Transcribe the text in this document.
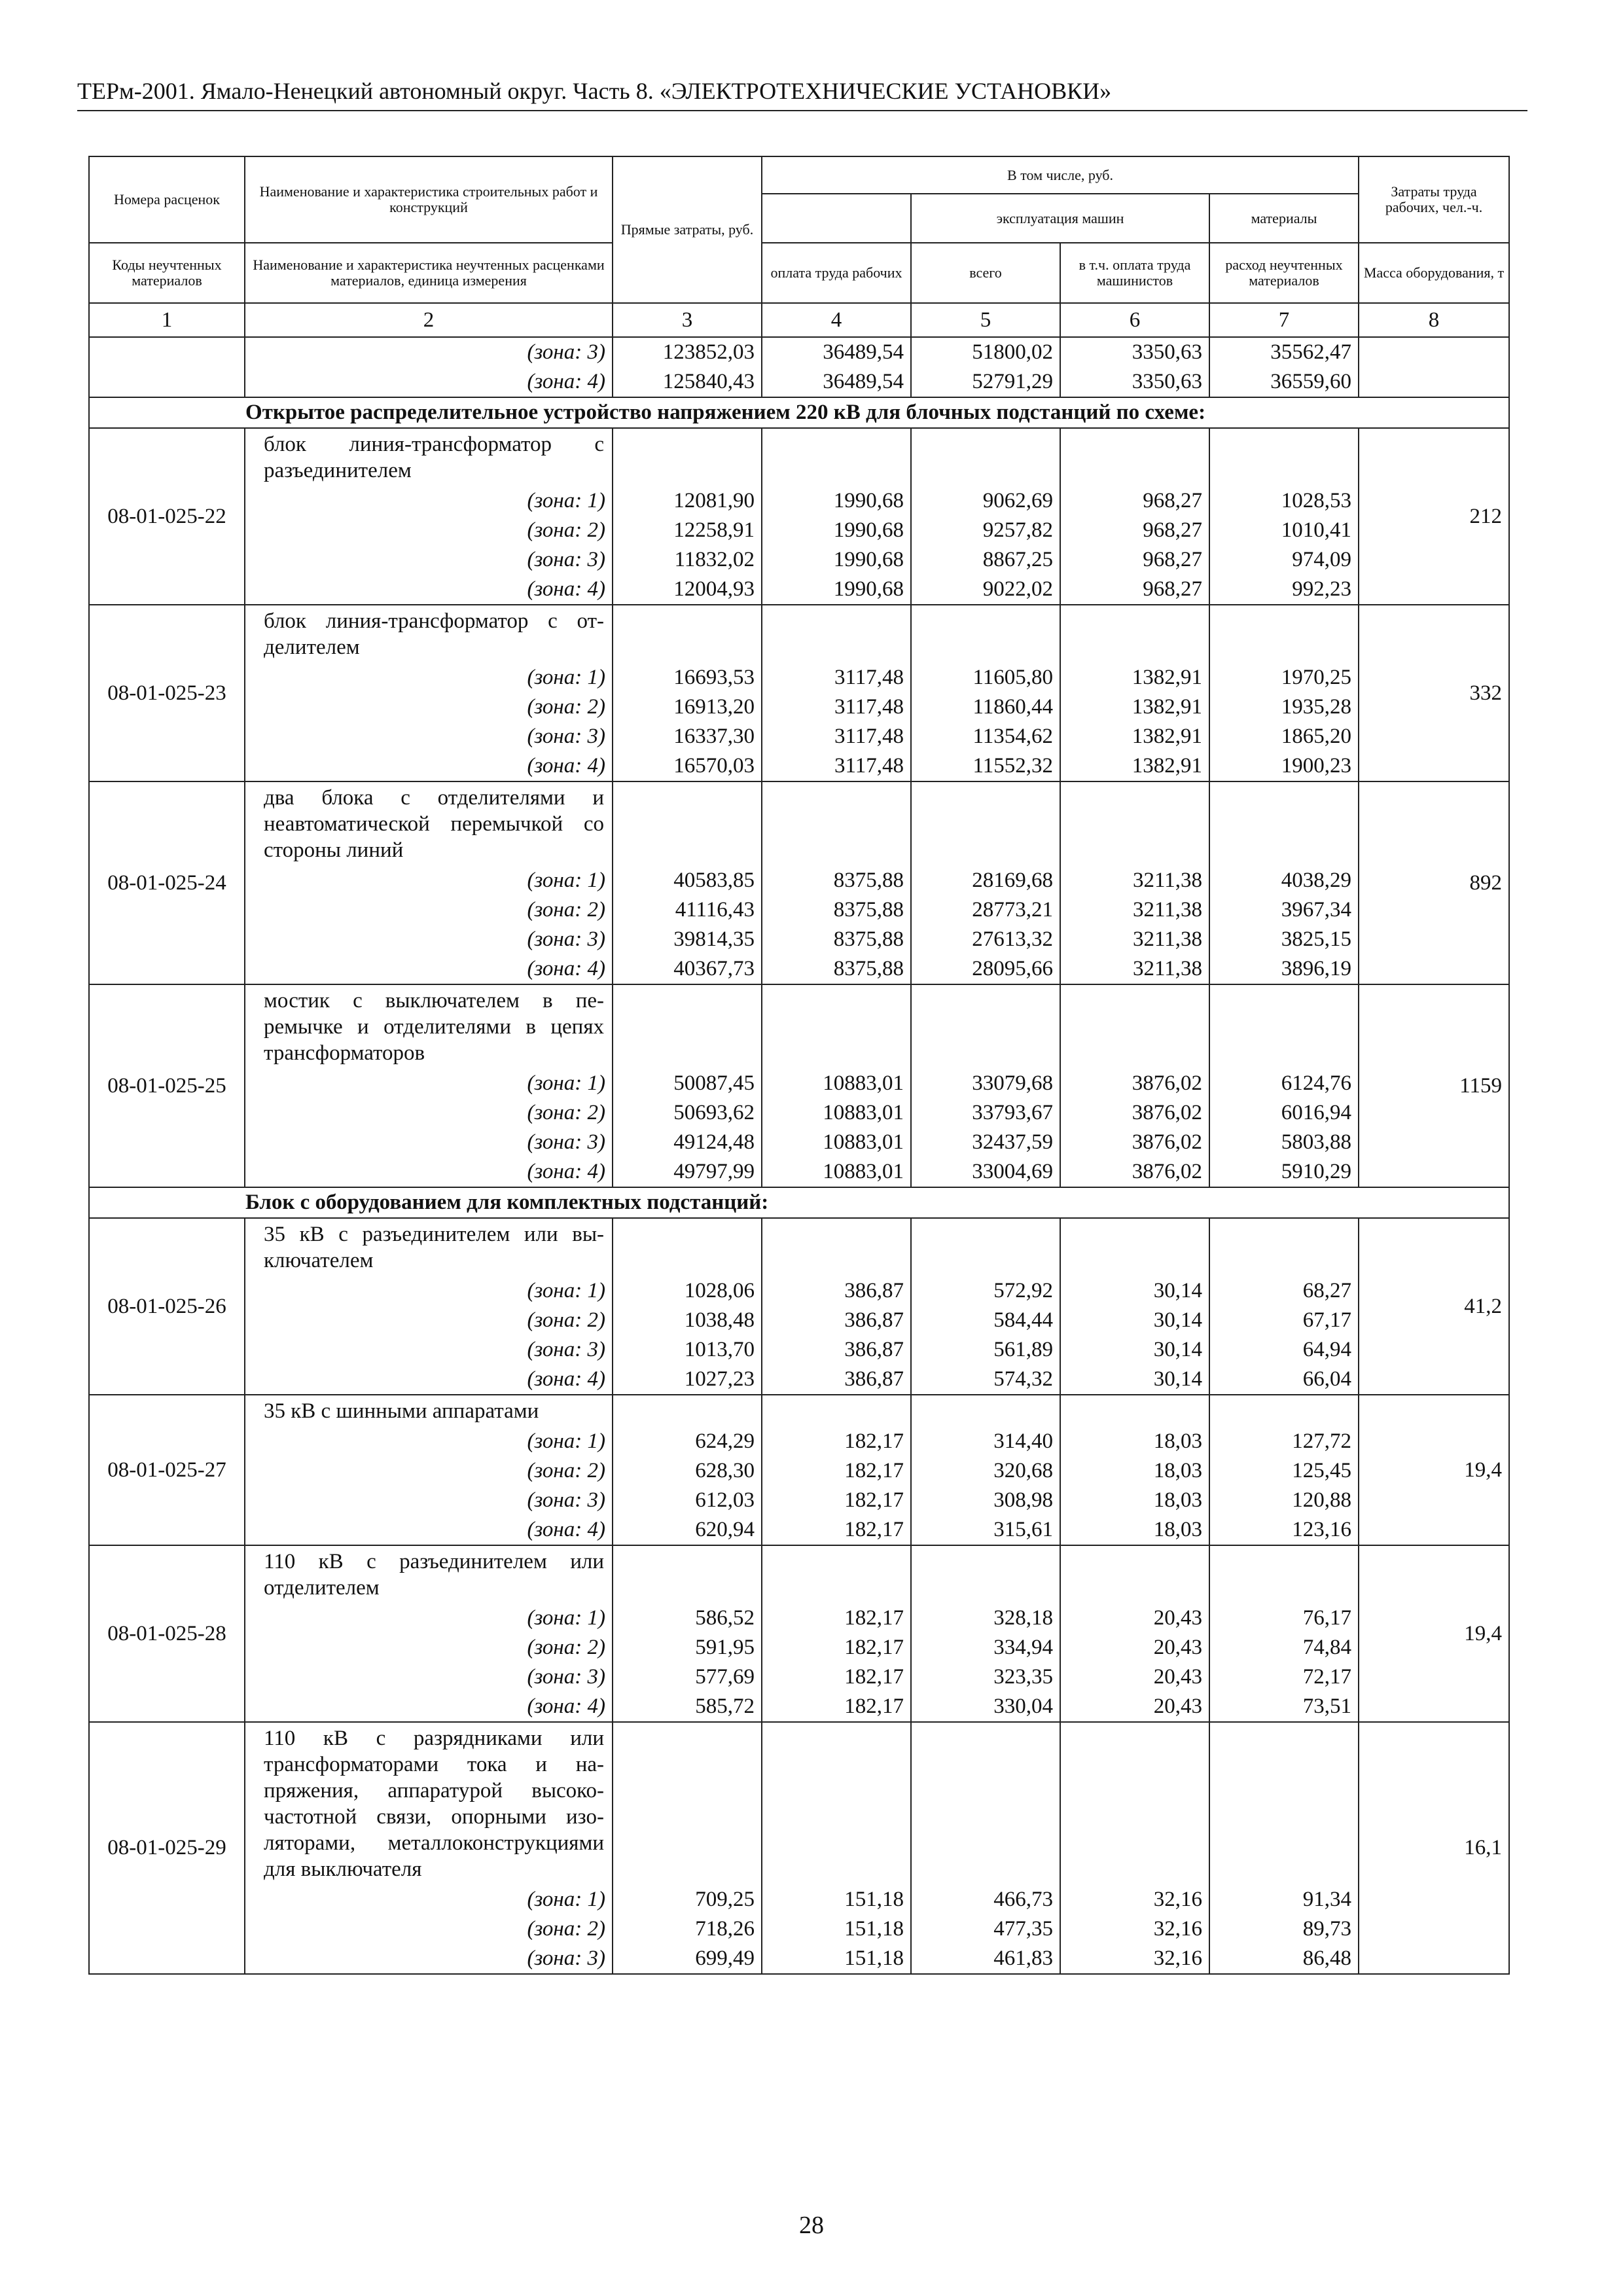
ТЕРм-2001. Ямало-Ненецкий автономный округ. Часть 8. «ЭЛЕКТРОТЕХНИЧЕСКИЕ УСТАНОВКИ»
Номера расценок	Наименование и характеристика строительных работ и конструкций	Прямые затраты, руб.	В том числе, руб.				Затраты труда рабочих, чел.-ч.
				эксплуатация машин		материалы	
Коды неучтенных материалов	Наименование и характеристика неучтенных расценками материалов, единица измерения		оплата труда рабочих	всего	в т.ч. оплата труда машинистов	расход неучтенных материалов	Масса оборудования, т
1	2	3	4	5	6	7	8
	(зона: 3)	123852,03	36489,54	51800,02	3350,63	35562,47	
	(зона: 4)	125840,43	36489,54	52791,29	3350,63	36559,60	
Открытое распределительное устройство напряжением 220 кВ для блочных подстанций по схеме:							
08-01-025-22	блок линия-трансформатор с разъединителем						212
	(зона: 1)	12081,90	1990,68	9062,69	968,27	1028,53	
	(зона: 2)	12258,91	1990,68	9257,82	968,27	1010,41	
	(зона: 3)	11832,02	1990,68	8867,25	968,27	974,09	
	(зона: 4)	12004,93	1990,68	9022,02	968,27	992,23	
08-01-025-23	блок линия-трансформатор с отделителем						332
	(зона: 1)	16693,53	3117,48	11605,80	1382,91	1970,25	
	(зона: 2)	16913,20	3117,48	11860,44	1382,91	1935,28	
	(зона: 3)	16337,30	3117,48	11354,62	1382,91	1865,20	
	(зона: 4)	16570,03	3117,48	11552,32	1382,91	1900,23	
08-01-025-24	два блока с отделителями и неавтоматической перемычкой со стороны линий						892
	(зона: 1)	40583,85	8375,88	28169,68	3211,38	4038,29	
	(зона: 2)	41116,43	8375,88	28773,21	3211,38	3967,34	
	(зона: 3)	39814,35	8375,88	27613,32	3211,38	3825,15	
	(зона: 4)	40367,73	8375,88	28095,66	3211,38	3896,19	
08-01-025-25	мостик с выключателем в перемычке и отделителями в цепях трансформаторов						1159
	(зона: 1)	50087,45	10883,01	33079,68	3876,02	6124,76	
	(зона: 2)	50693,62	10883,01	33793,67	3876,02	6016,94	
	(зона: 3)	49124,48	10883,01	32437,59	3876,02	5803,88	
	(зона: 4)	49797,99	10883,01	33004,69	3876,02	5910,29	
Блок с оборудованием для комплектных подстанций:							
08-01-025-26	35 кВ с разъединителем или выключателем						41,2
	(зона: 1)	1028,06	386,87	572,92	30,14	68,27	
	(зона: 2)	1038,48	386,87	584,44	30,14	67,17	
	(зона: 3)	1013,70	386,87	561,89	30,14	64,94	
	(зона: 4)	1027,23	386,87	574,32	30,14	66,04	
08-01-025-27	35 кВ с шинными аппаратами						19,4
	(зона: 1)	624,29	182,17	314,40	18,03	127,72	
	(зона: 2)	628,30	182,17	320,68	18,03	125,45	
	(зона: 3)	612,03	182,17	308,98	18,03	120,88	
	(зона: 4)	620,94	182,17	315,61	18,03	123,16	
08-01-025-28	110 кВ с разъединителем или отделителем						19,4
	(зона: 1)	586,52	182,17	328,18	20,43	76,17	
	(зона: 2)	591,95	182,17	334,94	20,43	74,84	
	(зона: 3)	577,69	182,17	323,35	20,43	72,17	
	(зона: 4)	585,72	182,17	330,04	20,43	73,51	
08-01-025-29	110 кВ с разрядниками или трансформаторами тока и напряжения, аппаратурой высокочастотной связи, опорными изоляторами, металлоконструкциями для выключателя						16,1
	(зона: 1)	709,25	151,18	466,73	32,16	91,34	
	(зона: 2)	718,26	151,18	477,35	32,16	89,73	
	(зона: 3)	699,49	151,18	461,83	32,16	86,48	
28
